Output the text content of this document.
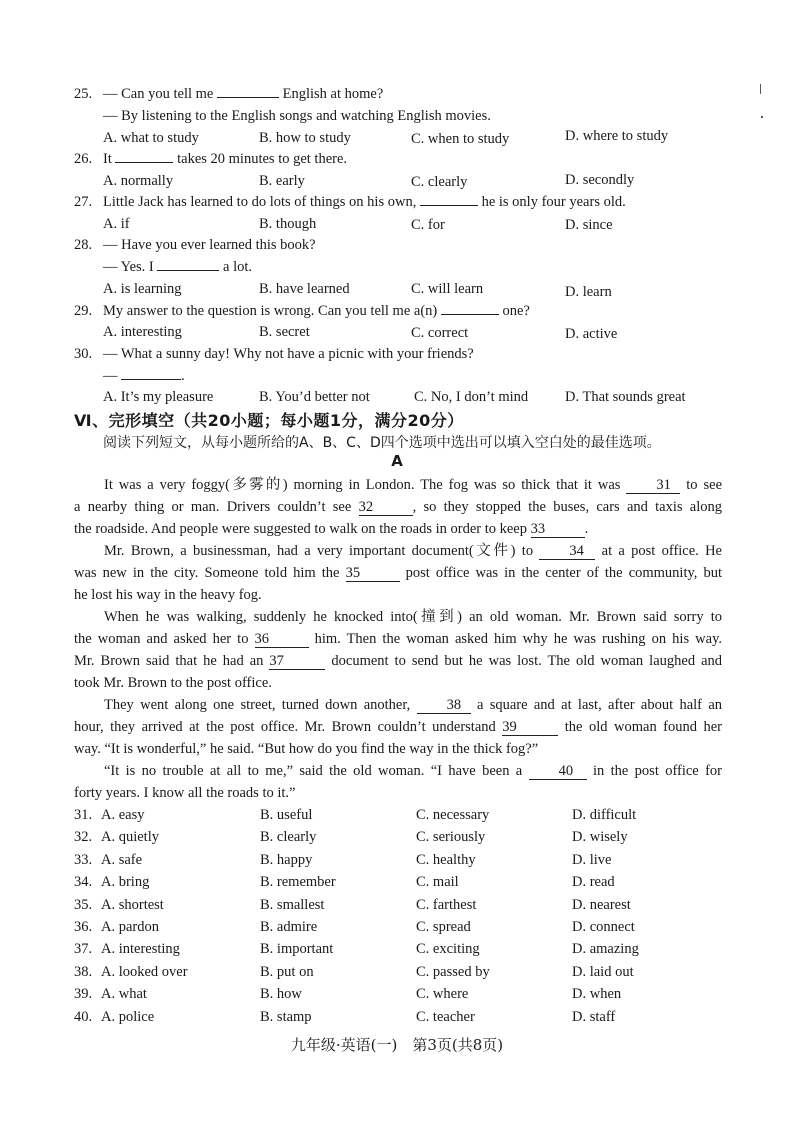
25. — Can you tell me	English at home?
— By listening to the English songs and watching English movies.
A. what to study	B. how to study	C. when to study	D. where to study
26. It	takes 20 minutes to get there.
A. normally	B. early	C. clearly	D. secondly
27. Little Jack has learned to do lots of things on his own,	he is only four years old.
A. if	B. though	C. for	D. since
28. — Have you ever learned this book?
— Yes. I	a lot.
A. is learning	B. have learned	C. will learn	D. learn
29. My answer to the question is wrong. Can you tell me a(n)	one?
A. interesting	B. secret	C. correct	D. active
30. — What a sunny day! Why not have a picnic with your friends?
—	.
A. It’s my pleasure	B. You’d better not	C. No, I don’t mind	D. That sounds great
Ⅵ、完形填空（共20小题；每小题1分，满分20分）
阅读下列短文，从每小题所给的A、B、C、D四个选项中选出可以填入空白处的最佳选项。
A
It was a very foggy(多雾的) morning in London. The fog was so thick that it was 31 to see
a nearby thing or man. Drivers couldn’t see 32	, so they stopped the buses, cars and taxis along
the roadside. And people were suggested to walk on the roads in order to keep 33	.
Mr. Brown, a businessman, had a very important document(文件) to	34 at a post office. He
was new in the city. Someone told him the 35	post office was in the center of the community, but
he lost his way in the heavy fog.
When he was walking, suddenly he knocked into(撞到) an old woman. Mr. Brown said sorry to
the woman and asked her to 36	him. Then the woman asked him why he was rushing on his way.
Mr. Brown said that he had an 37	document to send but he was lost. The old woman laughed and
took Mr. Brown to the post office.
They went along one street, turned down another,	38 a square and at last, after about half an
hour, they arrived at the post office. Mr. Brown couldn’t understand 39	the old woman found her
way. “It is wonderful,” he said. “But how do you find the way in the thick fog?”
“It is no trouble at all to me,” said the old woman. “I have been a	40 in the post office for
forty years. I know all the roads to it.”
31. A. easy	B. useful	C. necessary	D. difficult
32. A. quietly	B. clearly	C. seriously	D. wisely
33. A. safe	B. happy	C. healthy	D. live
34. A. bring	B. remember	C. mail	D. read
35. A. shortest	B. smallest	C. farthest	D. nearest
36. A. pardon	B. admire	C. spread	D. connect
37. A. interesting	B. important	C. exciting	D. amazing
38. A. looked over	B. put on	C. passed by	D. laid out
39. A. what	B. how	C. where	D. when
40. A. police	B. stamp	C. teacher	D. staff
九年级·英语(一)　第3页(共8页)
